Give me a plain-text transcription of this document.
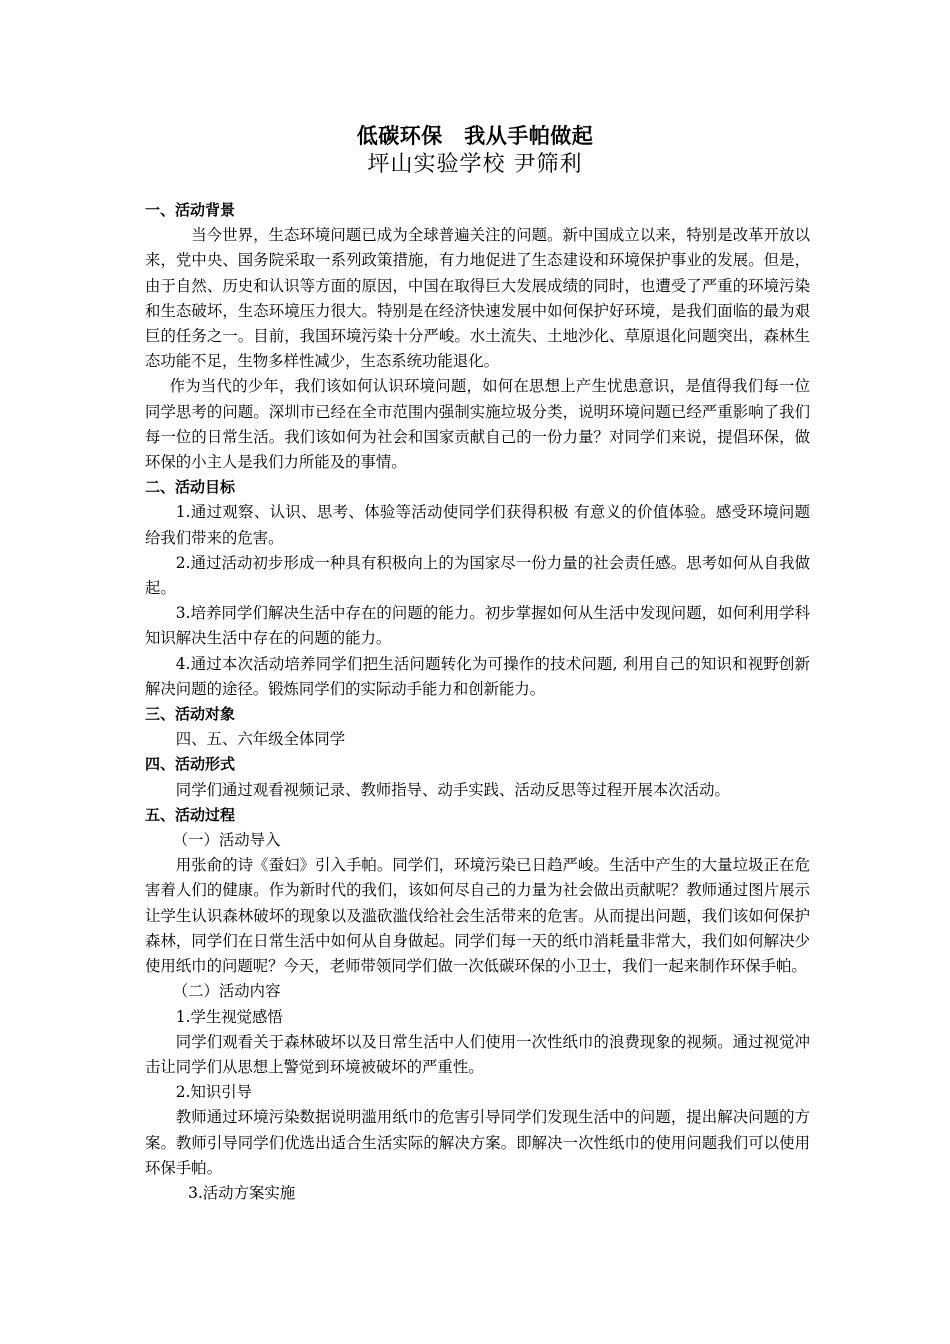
低碳环保　我从手帕做起
坪山实验学校 尹筛利

一、活动背景

当今世界，生态环境问题已成为全球普遍关注的问题。新中国成立以来，特别是改革开放以来，党中央、国务院采取一系列政策措施，有力地促进了生态建设和环境保护事业的发展。但是，由于自然、历史和认识等方面的原因，中国在取得巨大发展成绩的同时，也遭受了严重的环境污染和生态破坏，生态环境压力很大。特别是在经济快速发展中如何保护好环境，是我们面临的最为艰巨的任务之一。目前，我国环境污染十分严峻。水土流失、土地沙化、草原退化问题突出，森林生态功能不足，生物多样性减少，生态系统功能退化。

作为当代的少年，我们该如何认识环境问题，如何在思想上产生忧患意识，是值得我们每一位同学思考的问题。深圳市已经在全市范围内强制实施垃圾分类，说明环境问题已经严重影响了我们每一位的日常生活。我们该如何为社会和国家贡献自己的一份力量？对同学们来说，提倡环保，做环保的小主人是我们力所能及的事情。

二、活动目标

1.通过观察、认识、思考、体验等活动使同学们获得积极 有意义的价值体验。感受环境问题给我们带来的危害。

2.通过活动初步形成一种具有积极向上的为国家尽一份力量的社会责任感。思考如何从自我做起。

3.培养同学们解决生活中存在的问题的能力。初步掌握如何从生活中发现问题，如何利用学科知识解决生活中存在的问题的能力。

4.通过本次活动培养同学们把生活问题转化为可操作的技术问题, 利用自己的知识和视野创新解决问题的途径。锻炼同学们的实际动手能力和创新能力。

三、活动对象

四、五、六年级全体同学

四、活动形式

同学们通过观看视频记录、教师指导、动手实践、活动反思等过程开展本次活动。

五、活动过程

（一）活动导入

用张俞的诗《蚕妇》引入手帕。同学们，环境污染已日趋严峻。生活中产生的大量垃圾正在危害着人们的健康。作为新时代的我们，该如何尽自己的力量为社会做出贡献呢？教师通过图片展示让学生认识森林破坏的现象以及滥砍滥伐给社会生活带来的危害。从而提出问题，我们该如何保护森林，同学们在日常生活中如何从自身做起。同学们每一天的纸巾消耗量非常大，我们如何解决少使用纸巾的问题呢？今天，老师带领同学们做一次低碳环保的小卫士，我们一起来制作环保手帕。

（二）活动内容

1.学生视觉感悟

同学们观看关于森林破坏以及日常生活中人们使用一次性纸巾的浪费现象的视频。通过视觉冲击让同学们从思想上警觉到环境被破坏的严重性。

2.知识引导

教师通过环境污染数据说明滥用纸巾的危害引导同学们发现生活中的问题，提出解决问题的方案。教师引导同学们优选出适合生活实际的解决方案。即解决一次性纸巾的使用问题我们可以使用环保手帕。

3.活动方案实施
